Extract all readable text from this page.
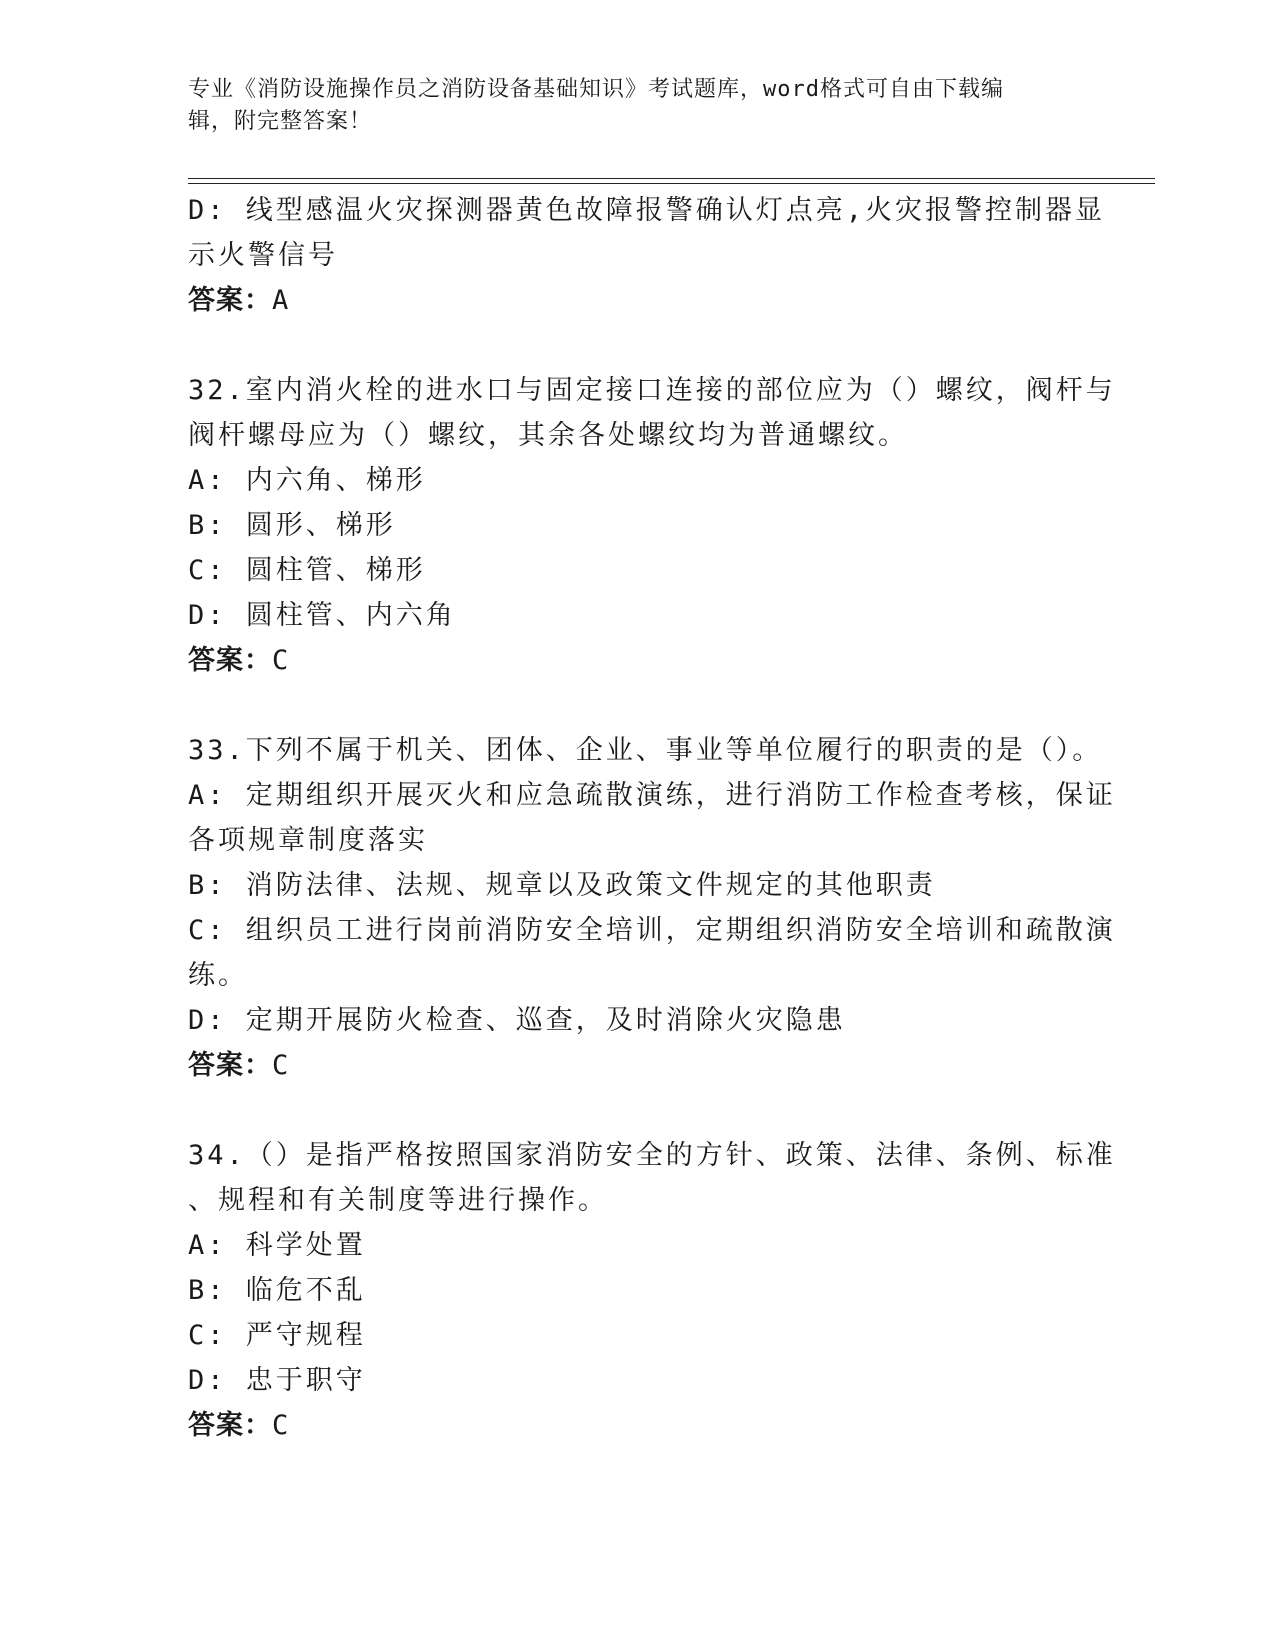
专业《消防设施操作员之消防设备基础知识》考试题库，word格式可自由下载编
辑，附完整答案！
D: 线型感温火灾探测器黄色故障报警确认灯点亮,火灾报警控制器显
示火警信号
答案：A
32.室内消火栓的进水口与固定接口连接的部位应为（）螺纹，阀杆与
阀杆螺母应为（）螺纹，其余各处螺纹均为普通螺纹。
A: 内六角、梯形
B: 圆形、梯形
C: 圆柱管、梯形
D: 圆柱管、内六角
答案：C
33.下列不属于机关、团体、企业、事业等单位履行的职责的是（）。
A: 定期组织开展灭火和应急疏散演练，进行消防工作检查考核，保证
各项规章制度落实
B: 消防法律、法规、规章以及政策文件规定的其他职责
C: 组织员工进行岗前消防安全培训，定期组织消防安全培训和疏散演
练。
D: 定期开展防火检查、巡查，及时消除火灾隐患
答案：C
34.（）是指严格按照国家消防安全的方针、政策、法律、条例、标准
、规程和有关制度等进行操作。
A: 科学处置
B: 临危不乱
C: 严守规程
D: 忠于职守
答案：C
